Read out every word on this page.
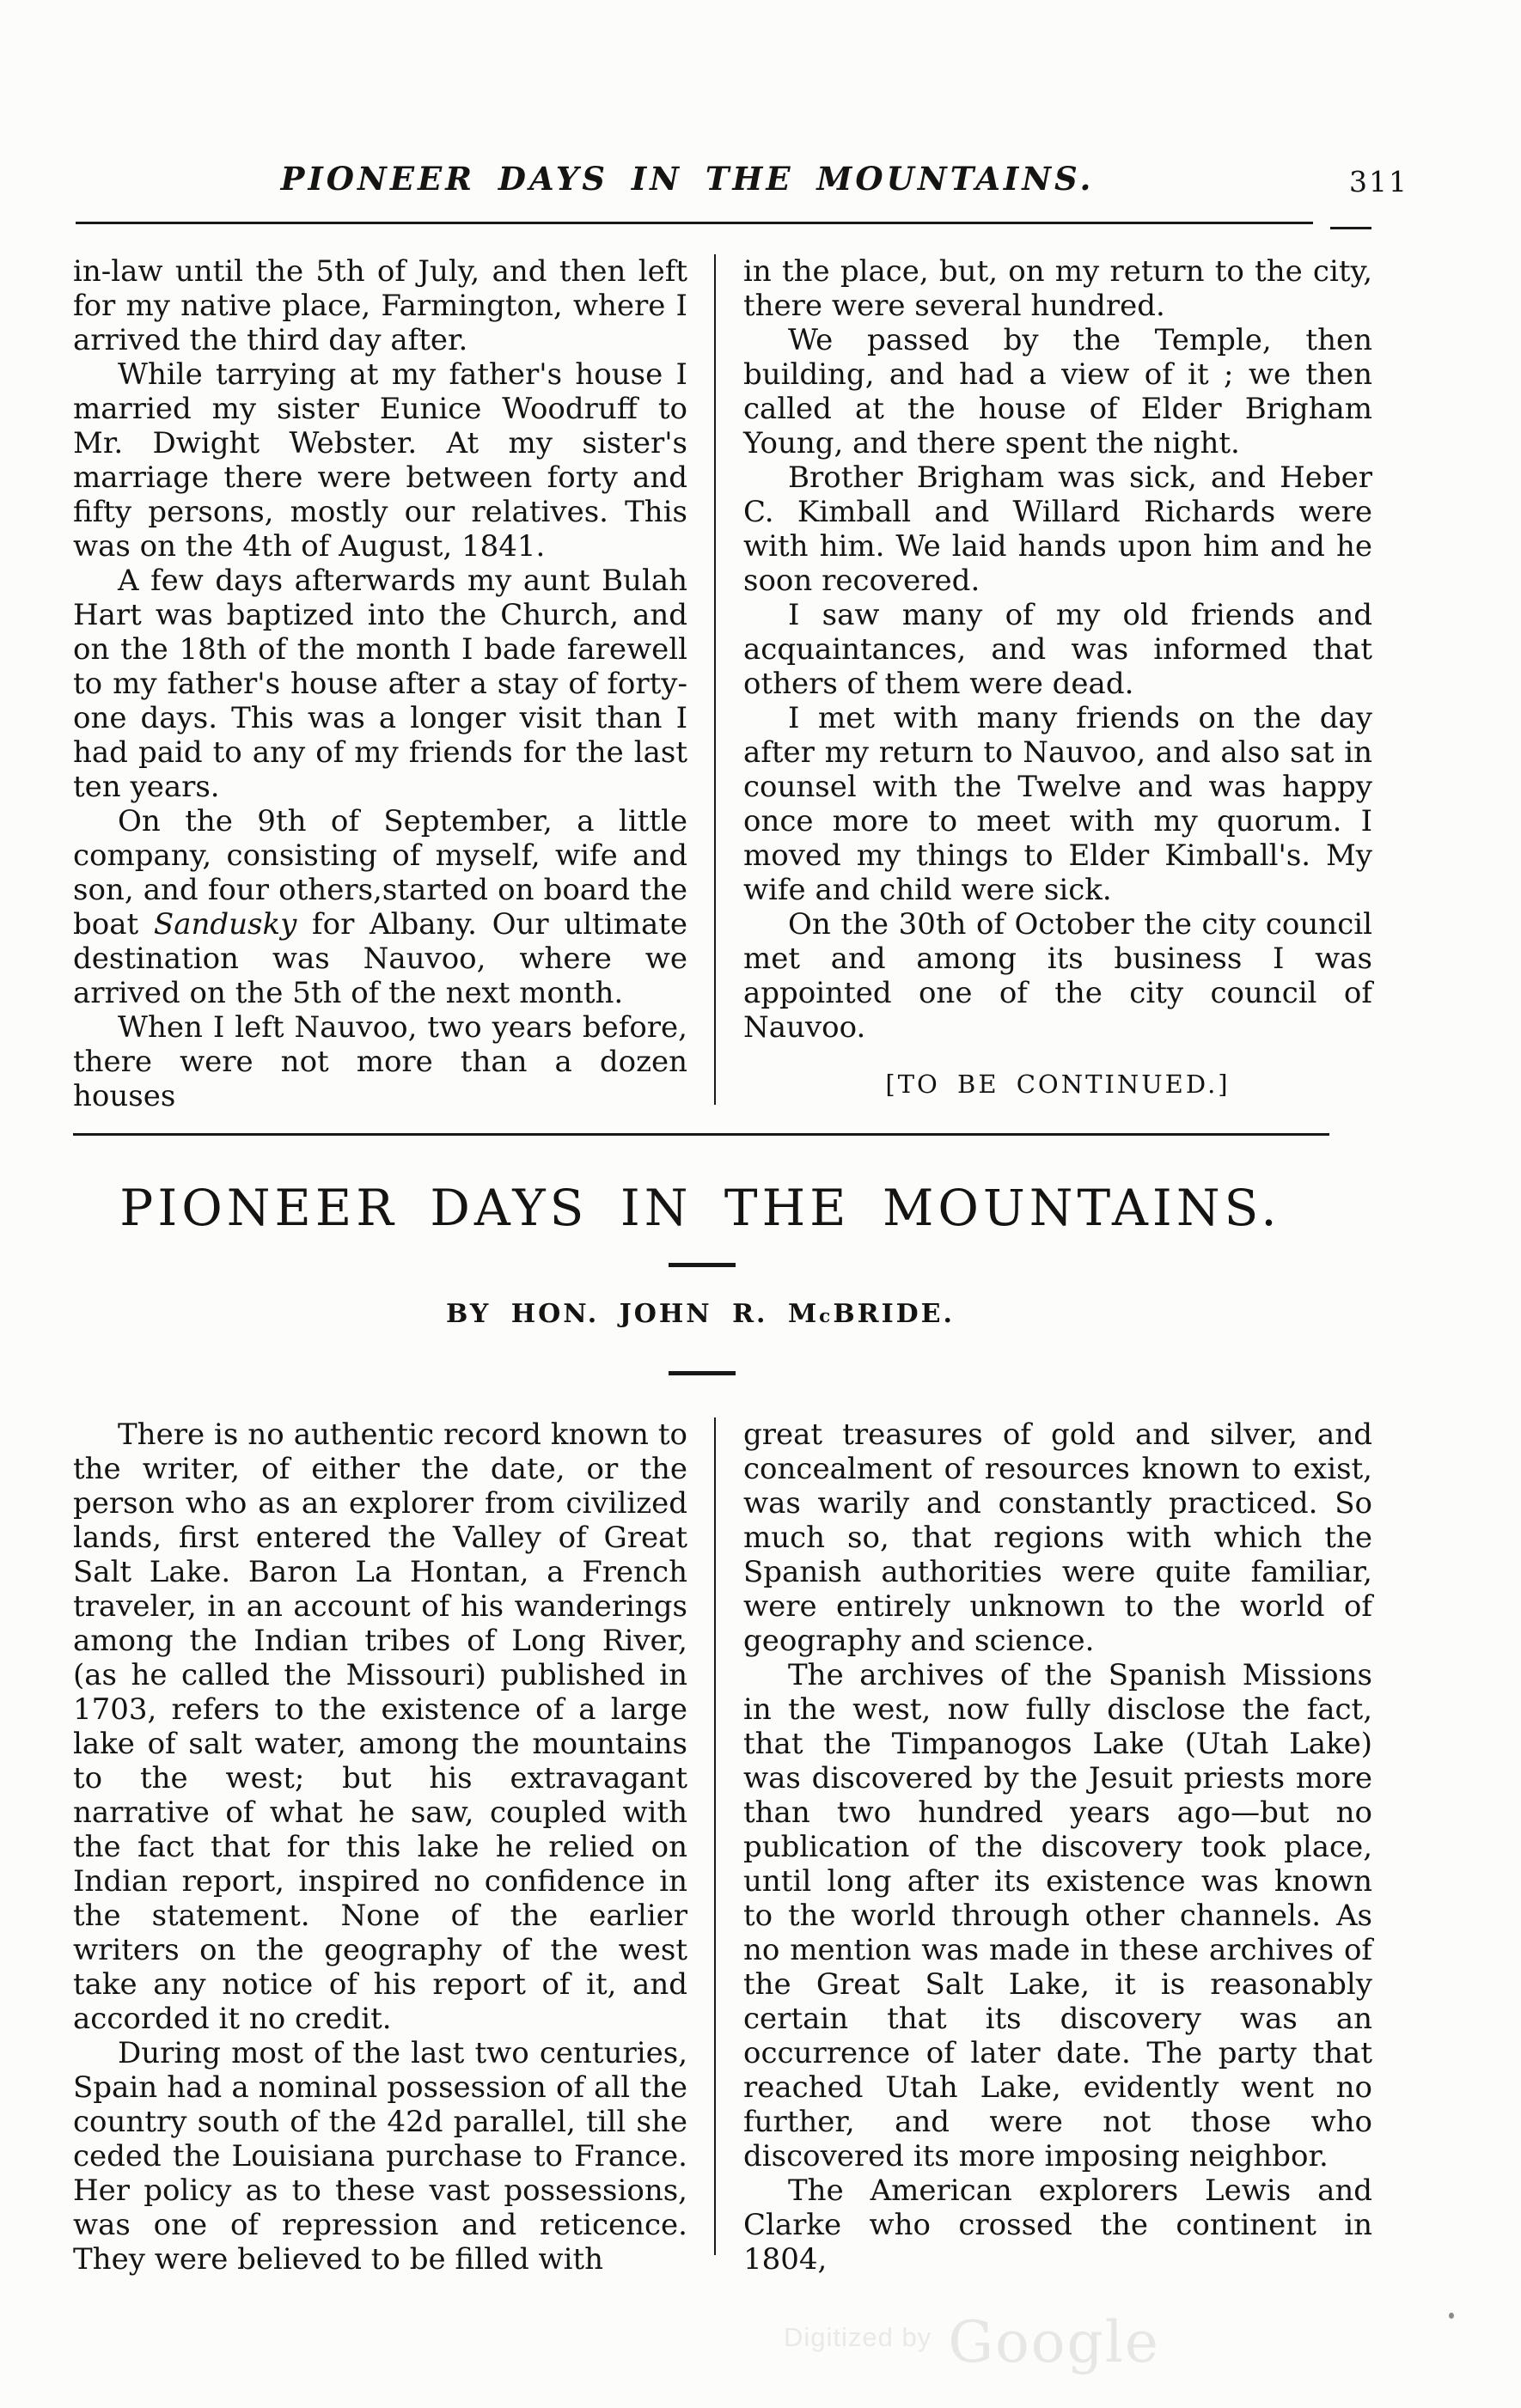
PIONEER DAYS IN THE MOUNTAINS.	311

in-law until the 5th of July, and then left for my native place, Farmington, where I arrived the third day after.

While tarrying at my father's house I married my sister Eunice Woodruff to Mr. Dwight Webster. At my sister's marriage there were between forty and fifty persons, mostly our relatives. This was on the 4th of August, 1841.

A few days afterwards my aunt Bulah Hart was baptized into the Church, and on the 18th of the month I bade farewell to my father's house after a stay of forty-one days. This was a longer visit than I had paid to any of my friends for the last ten years.

On the 9th of September, a little company, consisting of myself, wife and son, and four others,started on board the boat Sandusky for Albany. Our ultimate destination was Nauvoo, where we arrived on the 5th of the next month.

When I left Nauvoo, two years before, there were not more than a dozen houses

in the place, but, on my return to the city, there were several hundred.

We passed by the Temple, then building, and had a view of it ; we then called at the house of Elder Brigham Young, and there spent the night.

Brother Brigham was sick, and Heber C. Kimball and Willard Richards were with him. We laid hands upon him and he soon recovered.

I saw many of my old friends and acquaintances, and was informed that others of them were dead.

I met with many friends on the day after my return to Nauvoo, and also sat in counsel with the Twelve and was happy once more to meet with my quorum. I moved my things to Elder Kimball's. My wife and child were sick.

On the 30th of October the city council met and among its business I was appointed one of the city council of Nauvoo.

[TO BE CONTINUED.]
PIONEER DAYS IN THE MOUNTAINS.
BY HON. JOHN R. McBRIDE.

There is no authentic record known to the writer, of either the date, or the person who as an explorer from civilized lands, first entered the Valley of Great Salt Lake. Baron La Hontan, a French traveler, in an account of his wanderings among the Indian tribes of Long River, (as he called the Missouri) published in 1703, refers to the existence of a large lake of salt water, among the mountains to the west; but his extravagant narrative of what he saw, coupled with the fact that for this lake he relied on Indian report, inspired no confidence in the statement. None of the earlier writers on the geography of the west take any notice of his report of it, and accorded it no credit.

During most of the last two centuries, Spain had a nominal possession of all the country south of the 42d parallel, till she ceded the Louisiana purchase to France. Her policy as to these vast possessions, was one of repression and reticence. They were believed to be filled with

great treasures of gold and silver, and concealment of resources known to exist, was warily and constantly practiced. So much so, that regions with which the Spanish authorities were quite familiar, were entirely unknown to the world of geography and science.

The archives of the Spanish Missions in the west, now fully disclose the fact, that the Timpanogos Lake (Utah Lake) was discovered by the Jesuit priests more than two hundred years ago—but no publication of the discovery took place, until long after its existence was known to the world through other channels. As no mention was made in these archives of the Great Salt Lake, it is reasonably certain that its discovery was an occurrence of later date. The party that reached Utah Lake, evidently went no further, and were not those who discovered its more imposing neighbor.

The American explorers Lewis and Clarke who crossed the continent in 1804,

Digitized by Google
